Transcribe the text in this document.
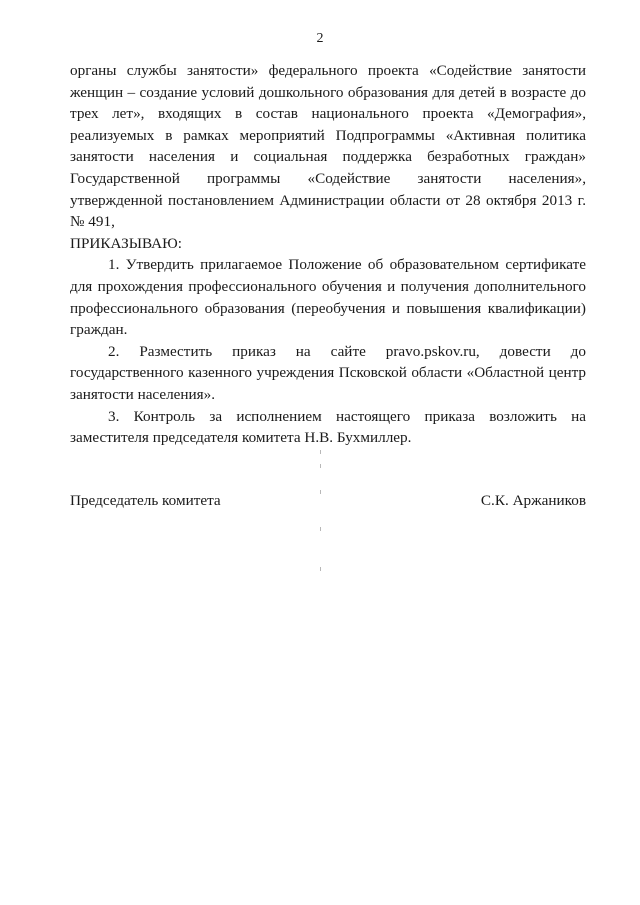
2

органы службы занятости» федерального проекта «Содействие занятости женщин – создание условий дошкольного образования для детей в возрасте до трех лет», входящих в состав национального проекта «Демография», реализуемых в рамках мероприятий Подпрограммы «Активная политика занятости населения и социальная поддержка безработных граждан» Государственной программы «Содействие занятости населения», утвержденной постановлением Администрации области от 28 октября 2013 г. № 491,

ПРИКАЗЫВАЮ:

1. Утвердить прилагаемое Положение об образовательном сертификате для прохождения профессионального обучения и получения дополнительного профессионального образования (переобучения и повышения квалификации) граждан.

2. Разместить приказ на сайте pravo.pskov.ru, довести до государственного казенного учреждения Псковской области «Областной центр занятости населения».

3. Контроль за исполнением настоящего приказа возложить на заместителя председателя комитета Н.В. Бухмиллер.

Председатель комитета	С.К. Аржаников
